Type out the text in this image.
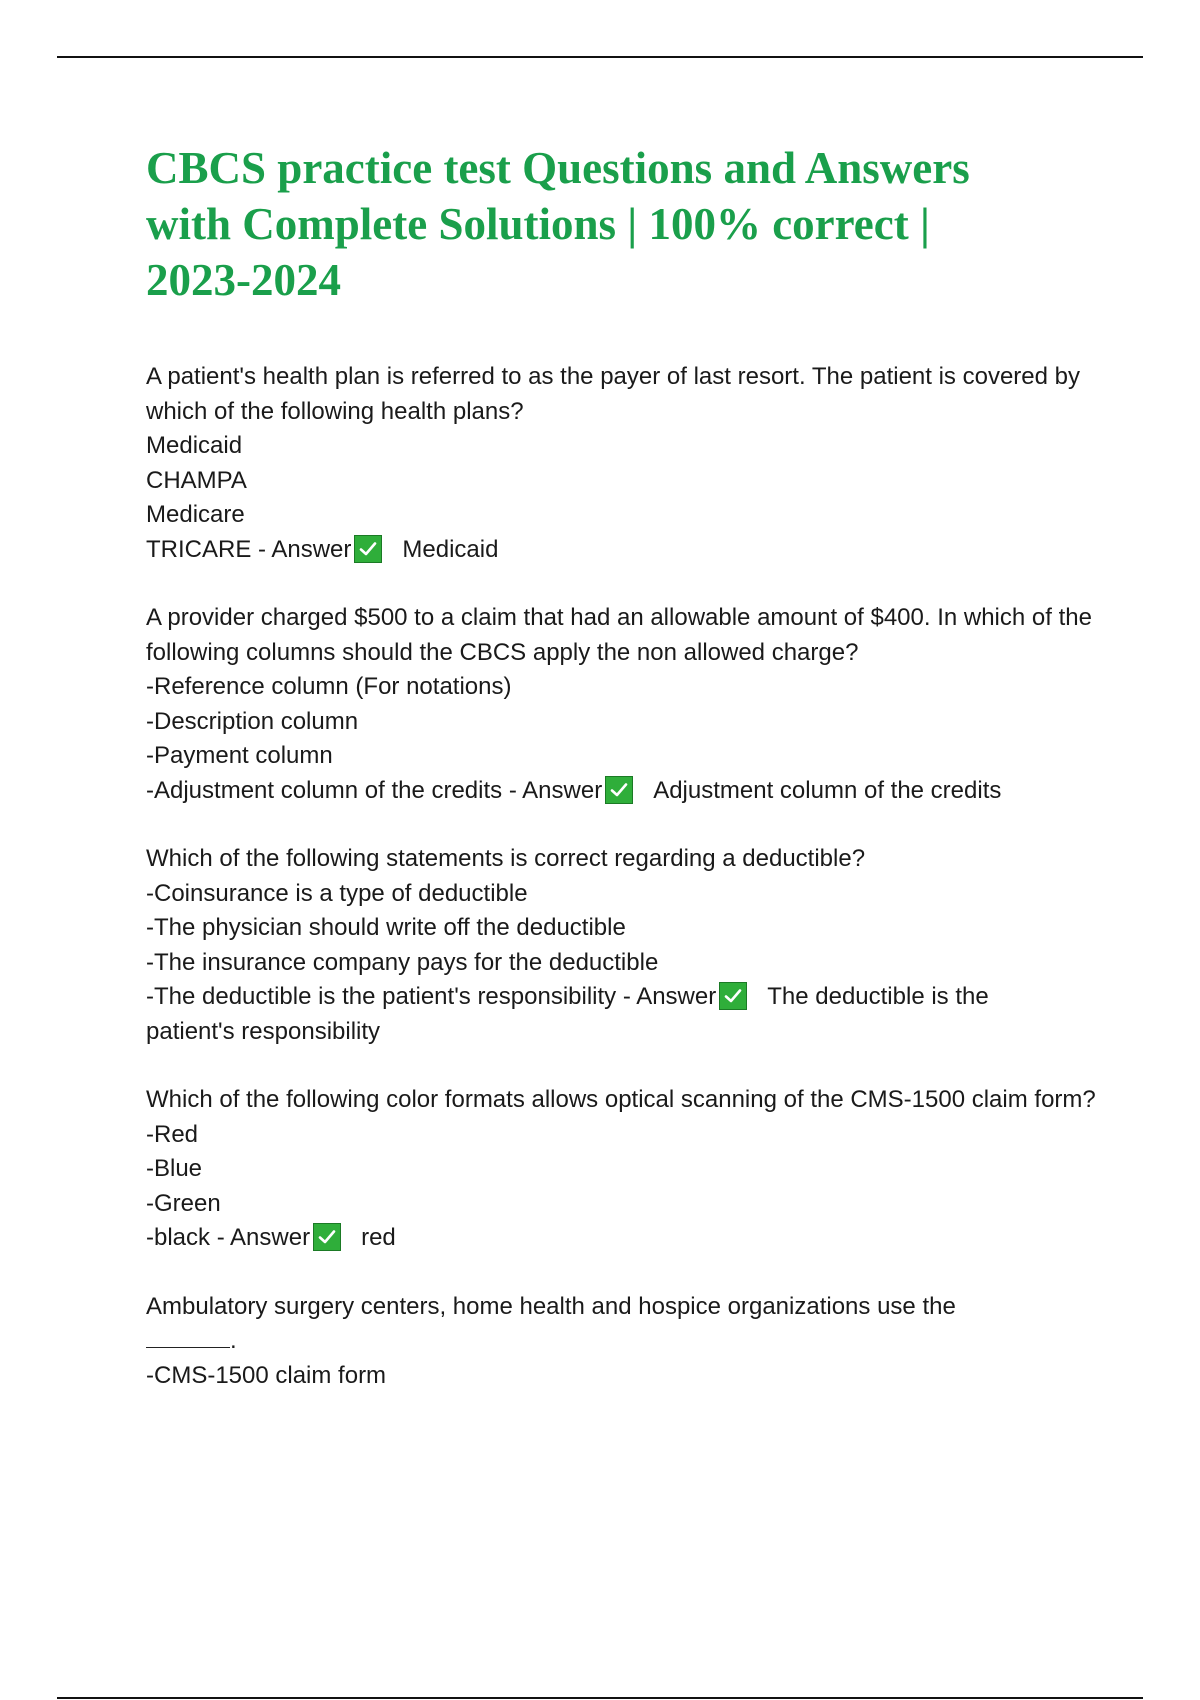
CBCS practice test Questions and Answers with Complete Solutions | 100% correct | 2023-2024
A patient's health plan is referred to as the payer of last resort. The patient is covered by which of the following health plans?
Medicaid
CHAMPA
Medicare
TRICARE - Answer Medicaid
A provider charged $500 to a claim that had an allowable amount of $400. In which of the following columns should the CBCS apply the non allowed charge?
-Reference column (For notations)
-Description column
-Payment column
-Adjustment column of the credits - Answer Adjustment column of the credits
Which of the following statements is correct regarding a deductible?
-Coinsurance is a type of deductible
-The physician should write off the deductible
-The insurance company pays for the deductible
-The deductible is the patient's responsibility - Answer The deductible is the
patient's responsibility
Which of the following color formats allows optical scanning of the CMS-1500 claim form?
-Red
-Blue
-Green
-black - Answer red
Ambulatory surgery centers, home health and hospice organizations use the
.
-CMS-1500 claim form
